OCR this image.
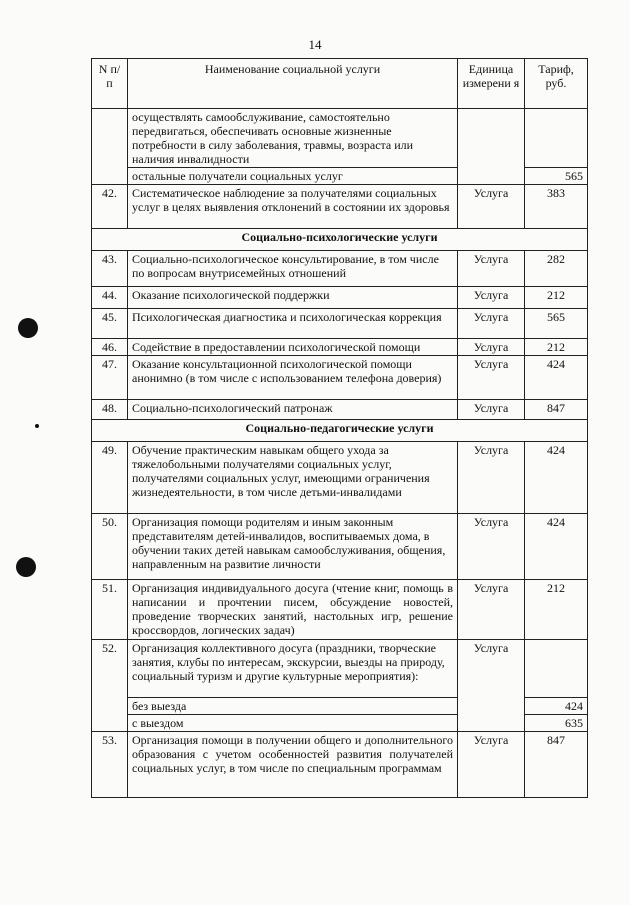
14
N п/п	Наименование социальной услуги	Единица измерени я	Тариф, руб.
	осуществлять самообслуживание, самостоятельно передвигаться, обеспечивать основные жизненные потребности в силу заболевания, травмы, возраста или наличия инвалидности		
	остальные получатели социальных услуг		565
42.	Систематическое наблюдение за получателями социальных услуг в целях выявления отклонений в состоянии их здоровья	Услуга	383
Социально-психологические услуги			
43.	Социально-психологическое консультирование, в том числе по вопросам внутрисемейных отношений	Услуга	282
44.	Оказание психологической поддержки	Услуга	212
45.	Психологическая диагностика и психологическая коррекция	Услуга	565
46.	Содействие в предоставлении психологической помощи	Услуга	212
47.	Оказание консультационной психологической помощи анонимно (в том числе с использованием телефона доверия)	Услуга	424
48.	Социально-психологический патронаж	Услуга	847
Социально-педагогические услуги			
49.	Обучение практическим навыкам общего ухода за тяжелобольными получателями социальных услуг, получателями социальных услуг, имеющими ограничения жизнедеятельности, в том числе детьми-инвалидами	Услуга	424
50.	Организация помощи родителям и иным законным представителям детей-инвалидов, воспитываемых дома, в обучении таких детей навыкам самообслуживания, общения, направленным на развитие личности	Услуга	424
51.	Организация индивидуального досуга (чтение книг, помощь в написании и прочтении писем, обсуждение новостей, проведение творческих занятий, настольных игр, решение кроссвордов, логических задач)	Услуга	212
52.	Организация коллективного досуга (праздники, творческие занятия, клубы по интересам, экскурсии, выезды на природу, социальный туризм и другие культурные мероприятия):	Услуга	
	без выезда		424
	с выездом		635
53.	Организация помощи в получении общего и дополнительного образования с учетом особенностей развития получателей социальных услуг, в том числе по специальным программам	Услуга	847
